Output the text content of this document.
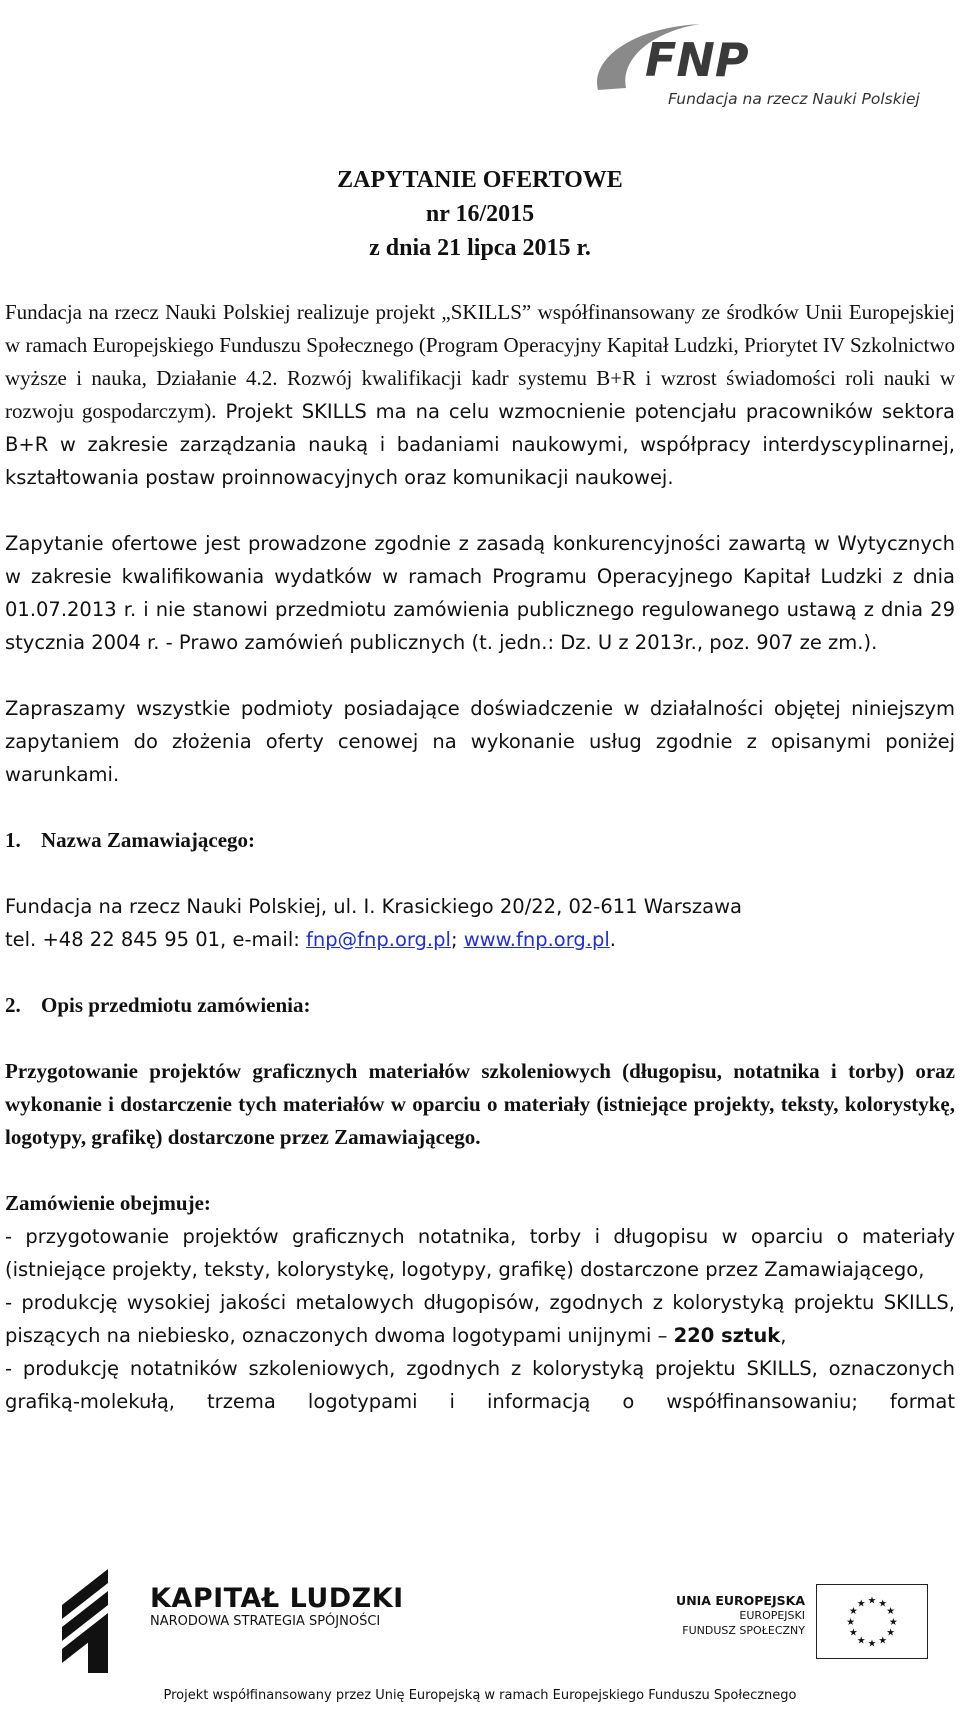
FNP
Fundacja na rzecz Nauki Polskiej
ZAPYTANIE OFERTOWE
nr 16/2015
z dnia 21 lipca 2015 r.

Fundacja na rzecz Nauki Polskiej realizuje projekt „SKILLS” współfinansowany ze środków Unii Europejskiej w ramach Europejskiego Funduszu Społecznego (Program Operacyjny Kapitał Ludzki, Priorytet IV Szkolnictwo wyższe i nauka, Działanie 4.2. Rozwój kwalifikacji kadr systemu B+R i wzrost świadomości roli nauki w rozwoju gospodarczym). Projekt SKILLS ma na celu wzmocnienie potencjału pracowników sektora B+R w zakresie zarządzania nauką i badaniami naukowymi, współpracy interdyscyplinarnej, kształtowania postaw proinnowacyjnych oraz komunikacji naukowej.

Zapytanie ofertowe jest prowadzone zgodnie z zasadą konkurencyjności zawartą w Wytycznych w zakresie kwalifikowania wydatków w ramach Programu Operacyjnego Kapitał Ludzki z dnia 01.07.2013 r. i nie stanowi przedmiotu zamówienia publicznego regulowanego ustawą z dnia 29 stycznia 2004 r. - Prawo zamówień publicznych (t. jedn.: Dz. U z 2013r., poz. 907 ze zm.).

Zapraszamy wszystkie podmioty posiadające doświadczenie w działalności objętej niniejszym zapytaniem do złożenia oferty cenowej na wykonanie usług zgodnie z opisanymi poniżej warunkami.

1. Nazwa Zamawiającego:

Fundacja na rzecz Nauki Polskiej, ul. I. Krasickiego 20/22, 02-611 Warszawa

tel. +48 22 845 95 01, e-mail: fnp@fnp.org.pl; www.fnp.org.pl.

2. Opis przedmiotu zamówienia:

Przygotowanie projektów graficznych materiałów szkoleniowych (długopisu, notatnika i torby) oraz wykonanie i dostarczenie tych materiałów w oparciu o materiały (istniejące projekty, teksty, kolorystykę, logotypy, grafikę) dostarczone przez Zamawiającego.

Zamówienie obejmuje:

- przygotowanie projektów graficznych notatnika, torby i długopisu w oparciu o materiały (istniejące projekty, teksty, kolorystykę, logotypy, grafikę) dostarczone przez Zamawiającego,

- produkcję wysokiej jakości metalowych długopisów, zgodnych z kolorystyką projektu SKILLS, piszących na niebiesko, oznaczonych dwoma logotypami unijnymi – 220 sztuk,

- produkcję notatników szkoleniowych, zgodnych z kolorystyką projektu SKILLS, oznaczonych grafiką-molekułą, trzema logotypami i informacją o współfinansowaniu; format

KAPITAŁ LUDZKI
NARODOWA STRATEGIA SPÓJNOŚCI
UNIA EUROPEJSKA
EUROPEJSKI
FUNDUSZ SPOŁECZNY
★
★
★
★
★
★
★
★
★ ★ ★
★
Projekt współfinansowany przez Unię Europejską w ramach Europejskiego Funduszu Społecznego
